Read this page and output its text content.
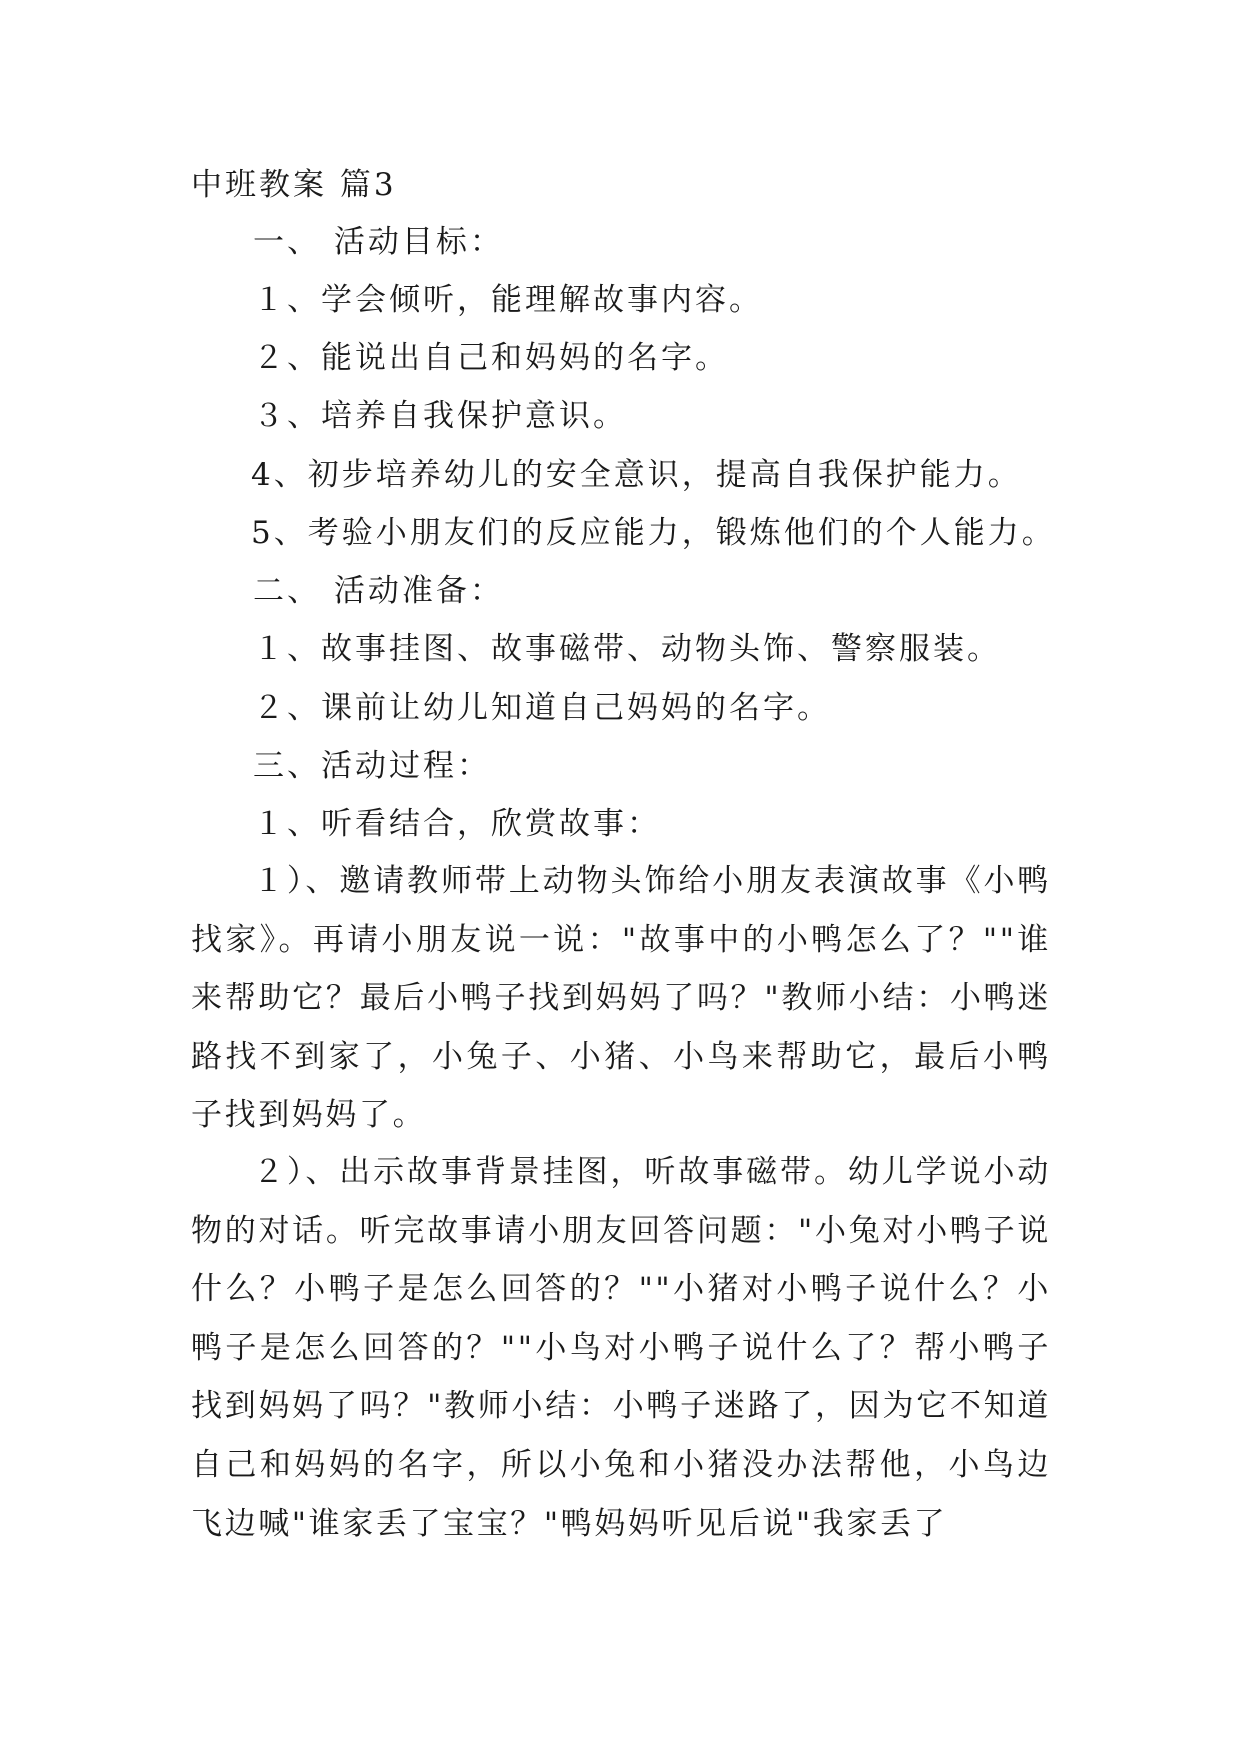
中班教案 篇3
一、 活动目标：
１、学会倾听，能理解故事内容。
２、能说出自己和妈妈的名字。
３、培养自我保护意识。
4、初步培养幼儿的安全意识，提高自我保护能力。
5、考验小朋友们的反应能力，锻炼他们的个人能力。
二、 活动准备：
１、故事挂图、故事磁带、动物头饰、警察服装。
２、课前让幼儿知道自己妈妈的名字。
三、活动过程：
１、听看结合，欣赏故事：
１）、邀请教师带上动物头饰给小朋友表演故事《小鸭找家》。再请小朋友说一说："故事中的小鸭怎么了？""谁来帮助它？最后小鸭子找到妈妈了吗？"教师小结：小鸭迷路找不到家了，小兔子、小猪、小鸟来帮助它，最后小鸭子找到妈妈了。
２）、出示故事背景挂图，听故事磁带。幼儿学说小动物的对话。听完故事请小朋友回答问题："小兔对小鸭子说什么？小鸭子是怎么回答的？""小猪对小鸭子说什么？小鸭子是怎么回答的？""小鸟对小鸭子说什么了？帮小鸭子找到妈妈了吗？"教师小结：小鸭子迷路了，因为它不知道自己和妈妈的名字，所以小兔和小猪没办法帮他，小鸟边飞边喊"谁家丢了宝宝？"鸭妈妈听见后说"我家丢了
